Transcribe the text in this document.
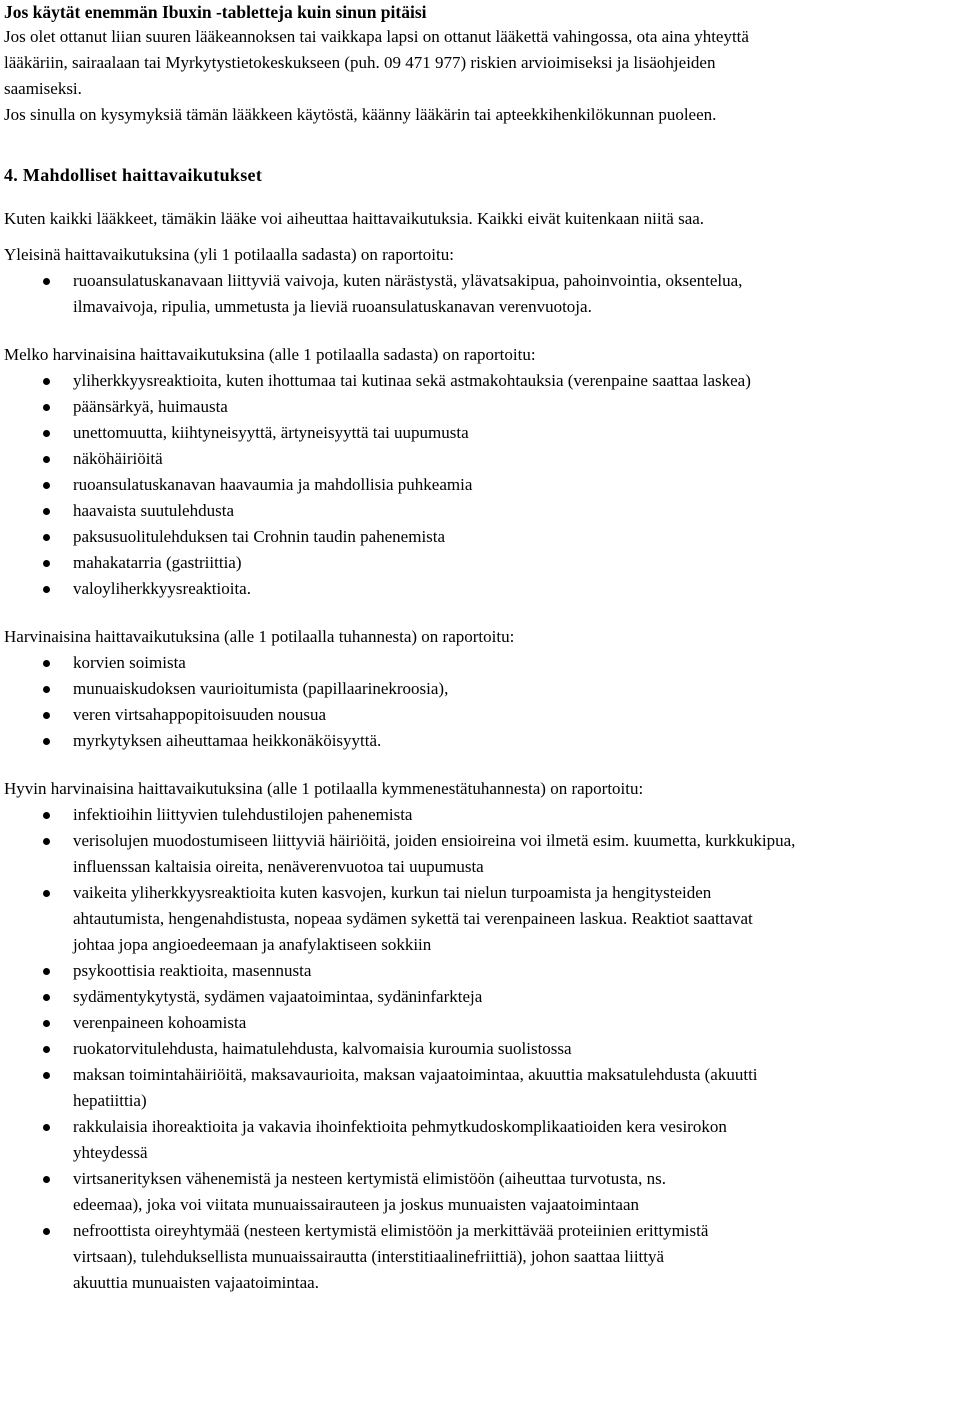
Jos käytät enemmän Ibuxin -tabletteja kuin sinun pitäisi

Jos olet ottanut liian suuren lääkeannoksen tai vaikkapa lapsi on ottanut lääkettä vahingossa, ota aina yhteyttä

lääkäriin, sairaalaan tai Myrkytystietokeskukseen (puh. 09 471 977) riskien arvioimiseksi ja lisäohjeiden

saamiseksi.

Jos sinulla on kysymyksiä tämän lääkkeen käytöstä, käänny lääkärin tai apteekkihenkilökunnan puoleen.

4. Mahdolliset haittavaikutukset

Kuten kaikki lääkkeet, tämäkin lääke voi aiheuttaa haittavaikutuksia. Kaikki eivät kuitenkaan niitä saa.

Yleisinä haittavaikutuksina (yli 1 potilaalla sadasta) on raportoitu:

ruoansulatuskanavaan liittyviä vaivoja, kuten närästystä, ylävatsakipua, pahoinvointia, oksentelua,
ilmavaivoja, ripulia, ummetusta ja lieviä ruoansulatuskanavan verenvuotoja.

Melko harvinaisina haittavaikutuksina (alle 1 potilaalla sadasta) on raportoitu:

yliherkkyysreaktioita, kuten ihottumaa tai kutinaa sekä astmakohtauksia (verenpaine saattaa laskea)
päänsärkyä, huimausta
unettomuutta, kiihtyneisyyttä, ärtyneisyyttä tai uupumusta
näköhäiriöitä
ruoansulatuskanavan haavaumia ja mahdollisia puhkeamia
haavaista suutulehdusta
paksusuolitulehduksen tai Crohnin taudin pahenemista
mahakatarria (gastriittia)
valoyliherkkyysreaktioita.

Harvinaisina haittavaikutuksina (alle 1 potilaalla tuhannesta) on raportoitu:

korvien soimista
munuaiskudoksen vaurioitumista (papillaarinekroosia),
veren virtsahappopitoisuuden nousua
myrkytyksen aiheuttamaa heikkonäköisyyttä.

Hyvin harvinaisina haittavaikutuksina (alle 1 potilaalla kymmenestätuhannesta) on raportoitu:

infektioihin liittyvien tulehdustilojen pahenemista
verisolujen muodostumiseen liittyviä häiriöitä, joiden ensioireina voi ilmetä esim. kuumetta, kurkkukipua,
influenssan kaltaisia oireita, nenäverenvuotoa tai uupumusta
vaikeita yliherkkyysreaktioita kuten kasvojen, kurkun tai nielun turpoamista ja hengitysteiden
ahtautumista, hengenahdistusta, nopeaa sydämen sykettä tai verenpaineen laskua. Reaktiot saattavat
johtaa jopa angioedeemaan ja anafylaktiseen sokkiin
psykoottisia reaktioita, masennusta
sydämentykytystä, sydämen vajaatoimintaa, sydäninfarkteja
verenpaineen kohoamista
ruokatorvitulehdusta, haimatulehdusta, kalvomaisia kuroumia suolistossa
maksan toimintahäiriöitä, maksavaurioita, maksan vajaatoimintaa, akuuttia maksatulehdusta (akuutti
hepatiittia)
rakkulaisia ihoreaktioita ja vakavia ihoinfektioita pehmytkudoskomplikaatioiden kera vesirokon
yhteydessä
virtsanerityksen vähenemistä ja nesteen kertymistä elimistöön (aiheuttaa turvotusta, ns.
edeemaa), joka voi viitata munuaissairauteen ja joskus munuaisten vajaatoimintaan
nefroottista oireyhtymää (nesteen kertymistä elimistöön ja merkittävää proteiinien erittymistä
virtsaan), tulehduksellista munuaissairautta (interstitiaalinefriittiä), johon saattaa liittyä
akuuttia munuaisten vajaatoimintaa.
